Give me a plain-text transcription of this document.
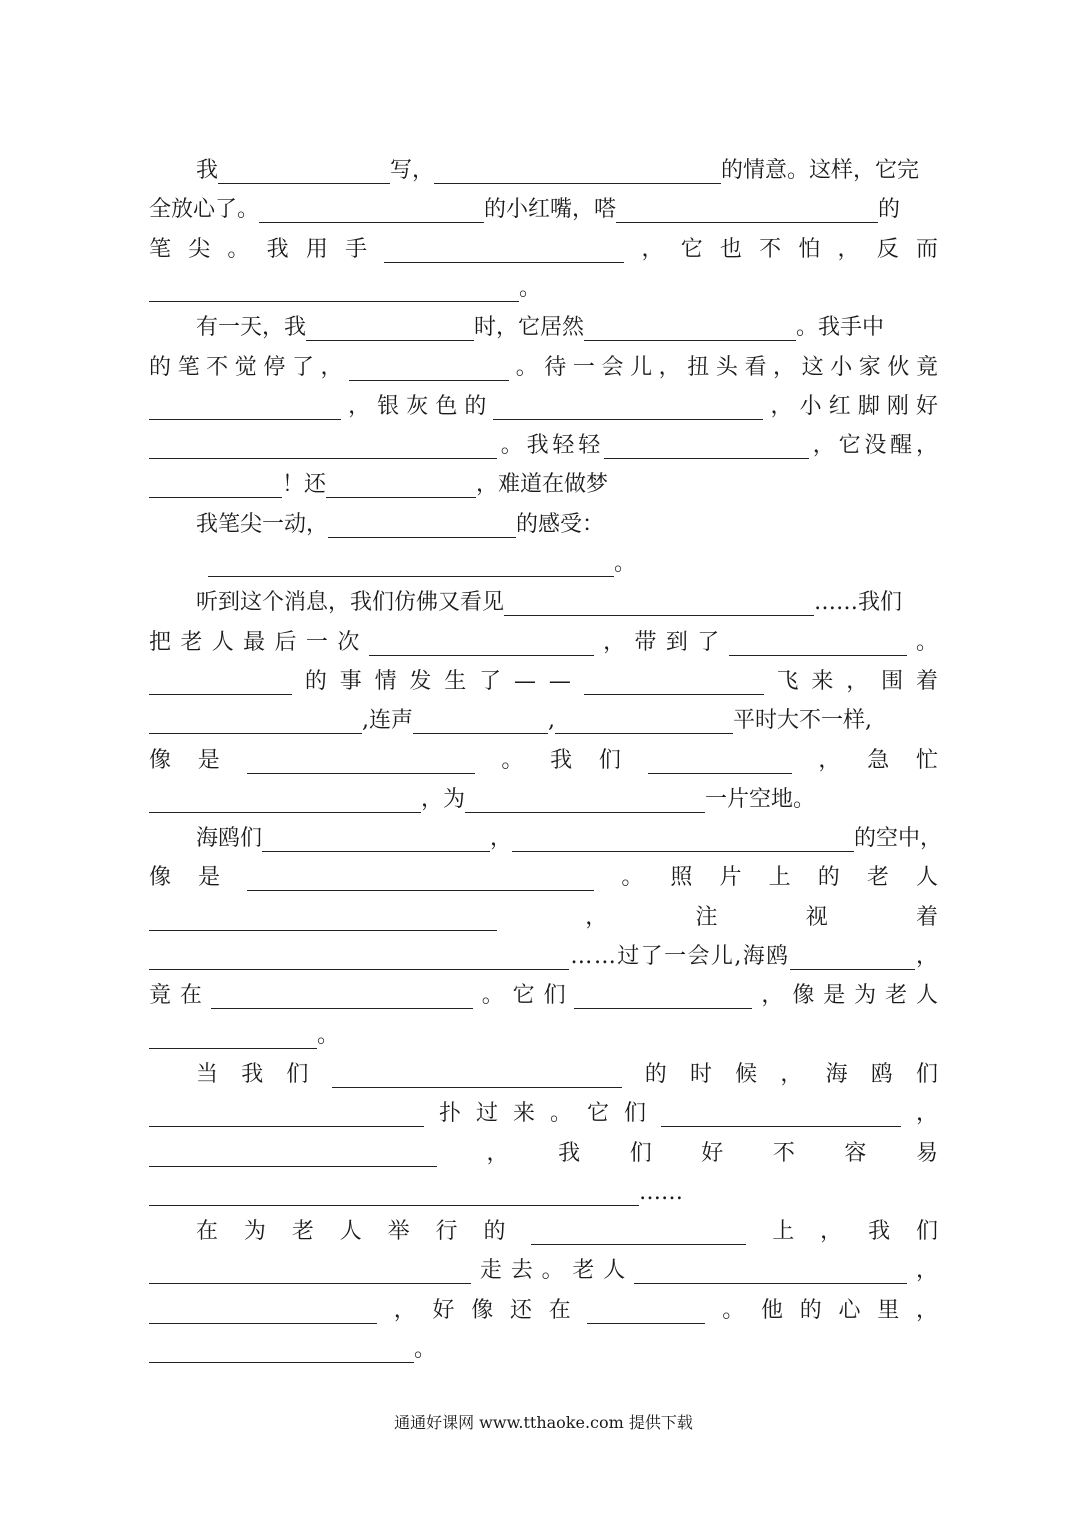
我	写，	的情意。这样，它完
全放心了。	的小红嘴，嗒	的
笔 尖 。 我 用 手	， 它 也 不 怕 ， 反 而
。
有一天，我	时，它居然	。我手中
的 笔 不 觉 停 了 ，	。 待 一 会 儿 ， 扭 头 看 ， 这 小 家 伙 竟
， 银 灰 色 的	， 小 红 脚 刚 好
。 我 轻 轻	， 它 没 醒 ，
！还	，难道在做梦
我笔尖一动，	的感受：
。
听到这个消息，我们仿佛又看见	……我们
把 老 人 最 后 一 次	， 带 到 了	。
的 事 情 发 生 了 — —	飞 来 ， 围 着
,连声	,	平时大不一样,
像 是	。 我 们	， 急 忙
，为	一片空地。
海鸥们	，	的空中，
像 是	。 照 片 上 的 老 人
，	注	视	着
… … 过 了 一 会 儿 , 海 鸥	，
竟 在	。 它 们	， 像 是 为 老 人
。
当 我 们	的 时 候 ， 海 鸥 们
扑 过 来 。 它 们	，
， 我 们 好 不 容 易
……
在 为 老 人 举 行 的	上 ， 我 们
走 去 。 老 人	，
， 好 像 还 在	。 他 的 心 里 ，
。
通通好课网 www.tthaoke.com 提供下载
